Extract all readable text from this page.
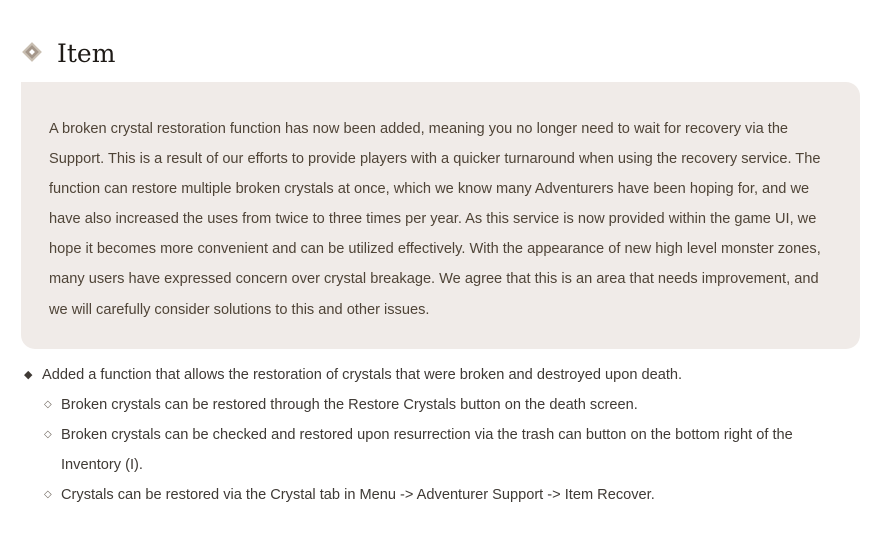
Item

A broken crystal restoration function has now been added, meaning you no longer need to wait for recovery via the Support. This is a result of our efforts to provide players with a quicker turnaround when using the recovery service. The function can restore multiple broken crystals at once, which we know many Adventurers have been hoping for, and we have also increased the uses from twice to three times per year. As this service is now provided within the game UI, we hope it becomes more convenient and can be utilized effectively. With the appearance of new high level monster zones, many users have expressed concern over crystal breakage. We agree that this is an area that needs improvement, and we will carefully consider solutions to this and other issues.

◆ Added a function that allows the restoration of crystals that were broken and destroyed upon death.
◇ Broken crystals can be restored through the Restore Crystals button on the death screen.
◇ Broken crystals can be checked and restored upon resurrection via the trash can button on the bottom right of the Inventory (I).
◇ Crystals can be restored via the Crystal tab in Menu -> Adventurer Support -> Item Recover.
